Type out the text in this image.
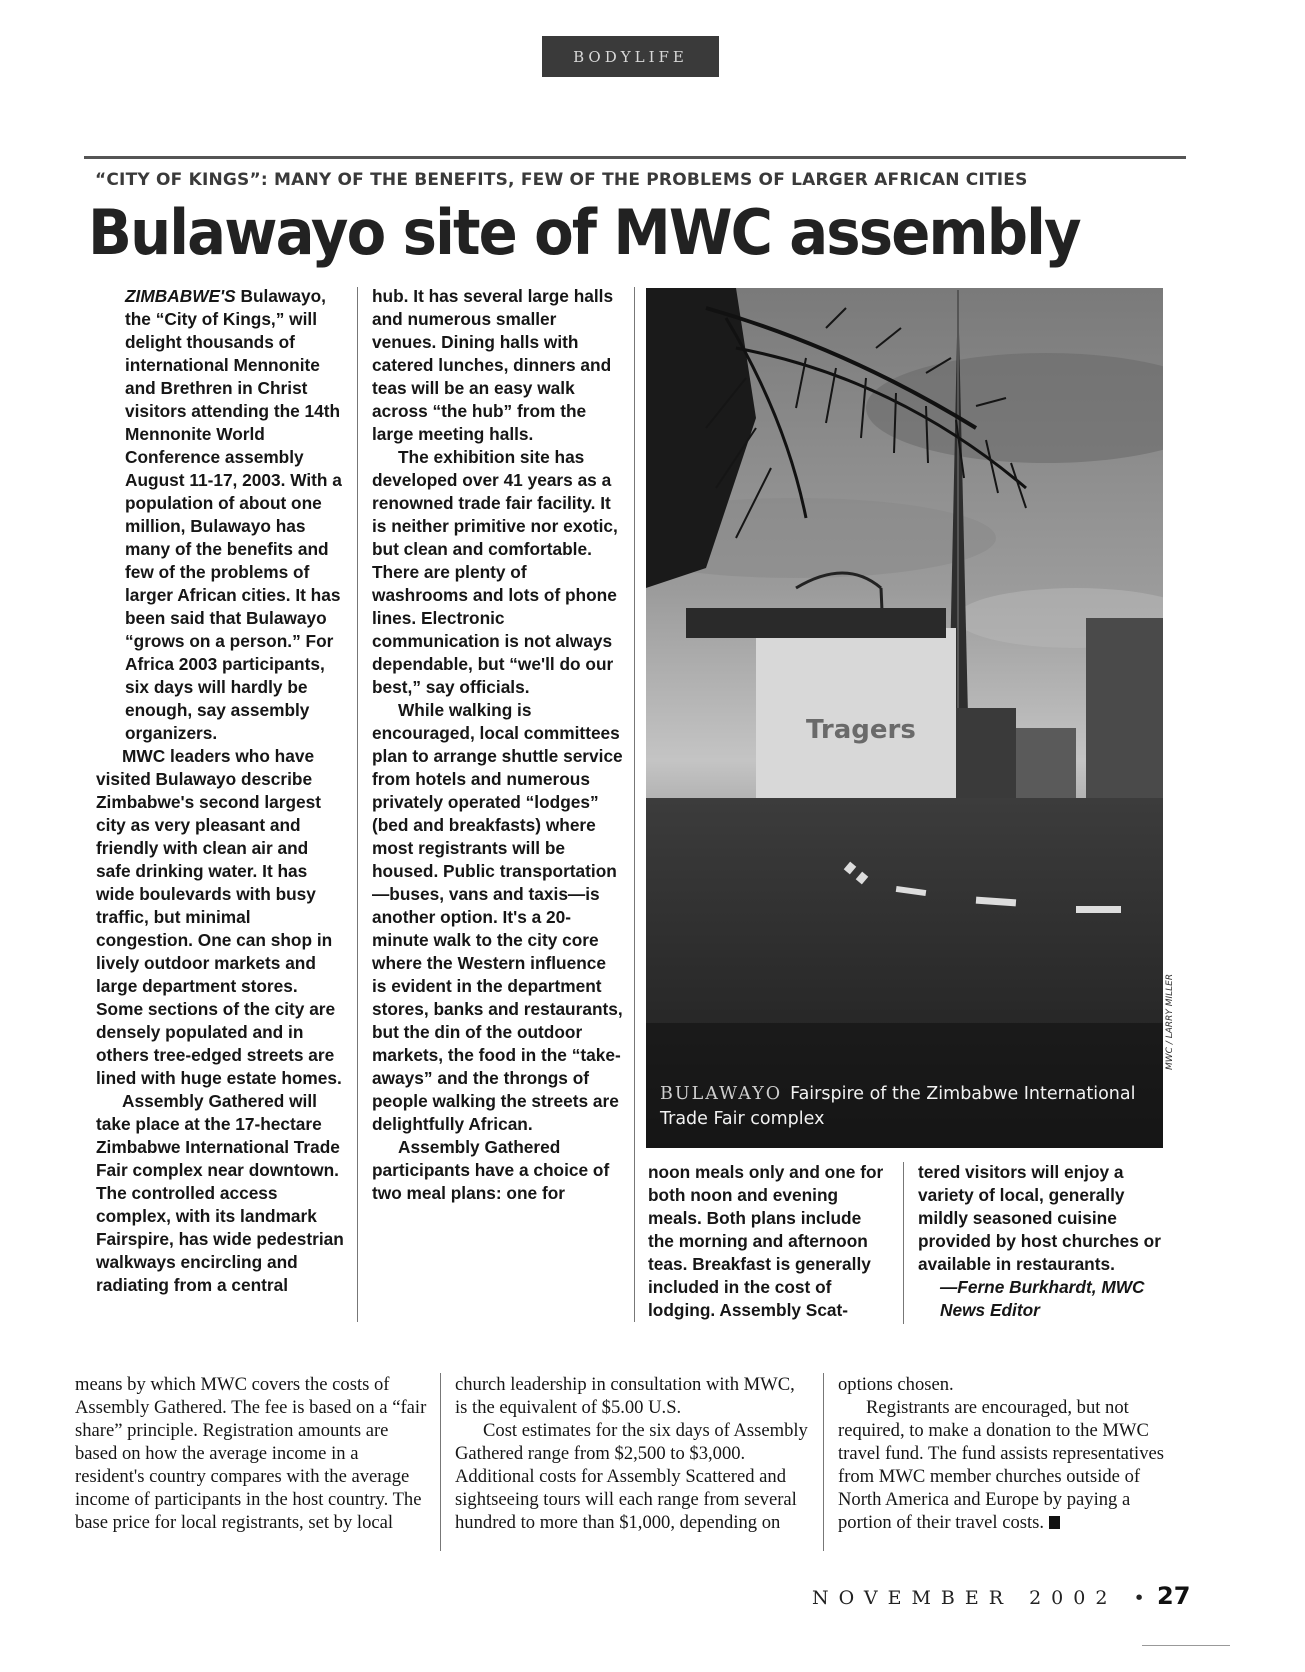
BODYLIFE
“CITY OF KINGS”: MANY OF THE BENEFITS, FEW OF THE PROBLEMS OF LARGER AFRICAN CITIES
Bulawayo site of MWC assembly

ZIMBABWE'S Bulawayo, the “City of Kings,” will delight thousands of international Mennonite and Brethren in Christ visitors attending the 14th Mennonite World Conference assembly August 11-17, 2003. With a population of about one million, Bulawayo has many of the benefits and few of the problems of larger African cities. It has been said that Bulawayo “grows on a person.” For Africa 2003 participants, six days will hardly be enough, say assembly organizers.

MWC leaders who have visited Bulawayo describe Zimbabwe's second largest city as very pleasant and friendly with clean air and safe drinking water. It has wide boulevards with busy traffic, but minimal congestion. One can shop in lively outdoor markets and large department stores. Some sections of the city are densely populated and in others tree-edged streets are lined with huge estate homes.

Assembly Gathered will take place at the 17-hectare Zimbabwe International Trade Fair complex near downtown. The controlled access complex, with its landmark Fairspire, has wide pedestrian walkways encircling and radiating from a central

hub. It has several large halls and numerous smaller venues. Dining halls with catered lunches, dinners and teas will be an easy walk across “the hub” from the large meeting halls.

The exhibition site has developed over 41 years as a renowned trade fair facility. It is neither primitive nor exotic, but clean and comfortable. There are plenty of washrooms and lots of phone lines. Electronic communication is not always dependable, but “we'll do our best,” say officials.

While walking is encouraged, local committees plan to arrange shuttle service from hotels and numerous privately operated “lodges” (bed and breakfasts) where most registrants will be housed. Public transportation—buses, vans and taxis—is another option. It's a 20-minute walk to the city core where the Western influence is evident in the department stores, banks and restaurants, but the din of the outdoor markets, the food in the “take-aways” and the throngs of people walking the streets are delightfully African.

Assembly Gathered participants have a choice of two meal plans: one for

Tragers
BULAWAYO Fairspire of the Zimbabwe International Trade Fair complex
MWC / LARRY MILLER

noon meals only and one for both noon and evening meals. Both plans include the morning and afternoon teas. Breakfast is generally included in the cost of lodging. Assembly Scat-

tered visitors will enjoy a variety of local, generally mildly seasoned cuisine provided by host churches or available in restaurants.

—Ferne Burkhardt, MWC News Editor

means by which MWC covers the costs of Assembly Gathered. The fee is based on a “fair share” principle. Registration amounts are based on how the average income in a resident's country compares with the average income of participants in the host country. The base price for local registrants, set by local

church leadership in consultation with MWC, is the equivalent of $5.00 U.S.

Cost estimates for the six days of Assembly Gathered range from $2,500 to $3,000. Additional costs for Assembly Scattered and sightseeing tours will each range from several hundred to more than $1,000, depending on

options chosen.

Registrants are encouraged, but not required, to make a donation to the MWC travel fund. The fund assists representatives from MWC member churches outside of North America and Europe by paying a portion of their travel costs.

NOVEMBER 2002 • 27
